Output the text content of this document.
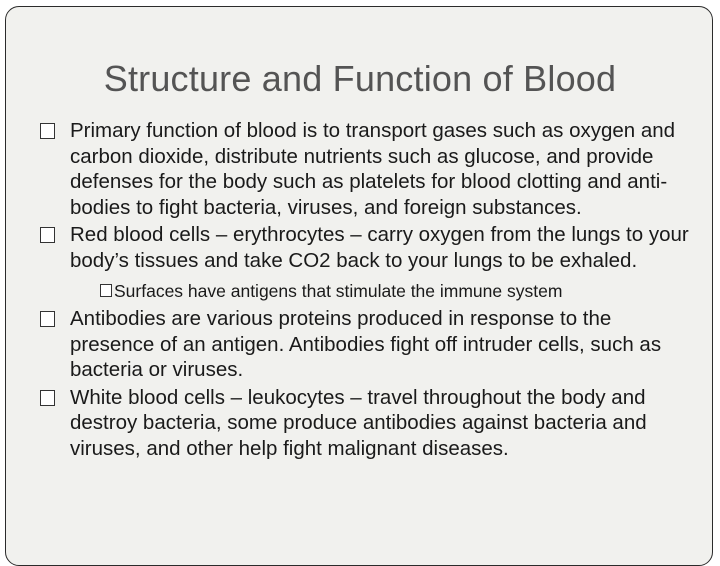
Structure and Function of Blood
Primary function of blood is to transport gases such as oxygen and carbon dioxide, distribute nutrients such as glucose, and provide defenses for the body such as platelets for blood clotting and anti-bodies to fight bacteria, viruses, and foreign substances.
Red blood cells – erythrocytes – carry oxygen from the lungs to your body’s tissues and take CO2 back to your lungs to be exhaled.
Surfaces have antigens that stimulate the immune system
Antibodies are various proteins produced in response to the presence of an antigen. Antibodies fight off intruder cells, such as bacteria or viruses.
White blood cells – leukocytes – travel throughout the body and destroy bacteria, some produce antibodies against bacteria and viruses, and other help fight malignant diseases.
